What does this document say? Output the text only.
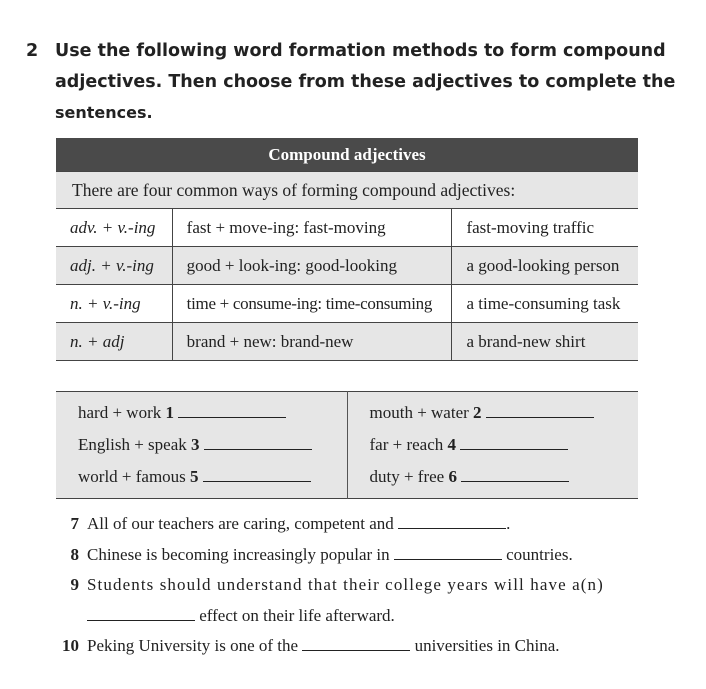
2 Use the following word formation methods to form compound
adjectives. Then choose from these adjectives to complete the
sentences.
Compound adjectives		
There are four common ways of forming compound adjectives:		
adv. + v.-ing	fast + move-ing: fast-moving	fast-moving traffic
adj. + v.-ing	good + look-ing: good-looking	a good-looking person
n. + v.-ing	time + consume-ing: time-consuming	a time-consuming task
n. + adj	brand + new: brand-new	a brand-new shirt
hard + work 1	mouth + water 2
English + speak 3	far + reach 4
world + famous 5	duty + free 6
7 All of our teachers are caring, competent and	.
8 Chinese is becoming increasingly popular in	countries.
9 Students should understand that their college years will have a(n)
effect on their life afterward.
10 Peking University is one of the	universities in China.
